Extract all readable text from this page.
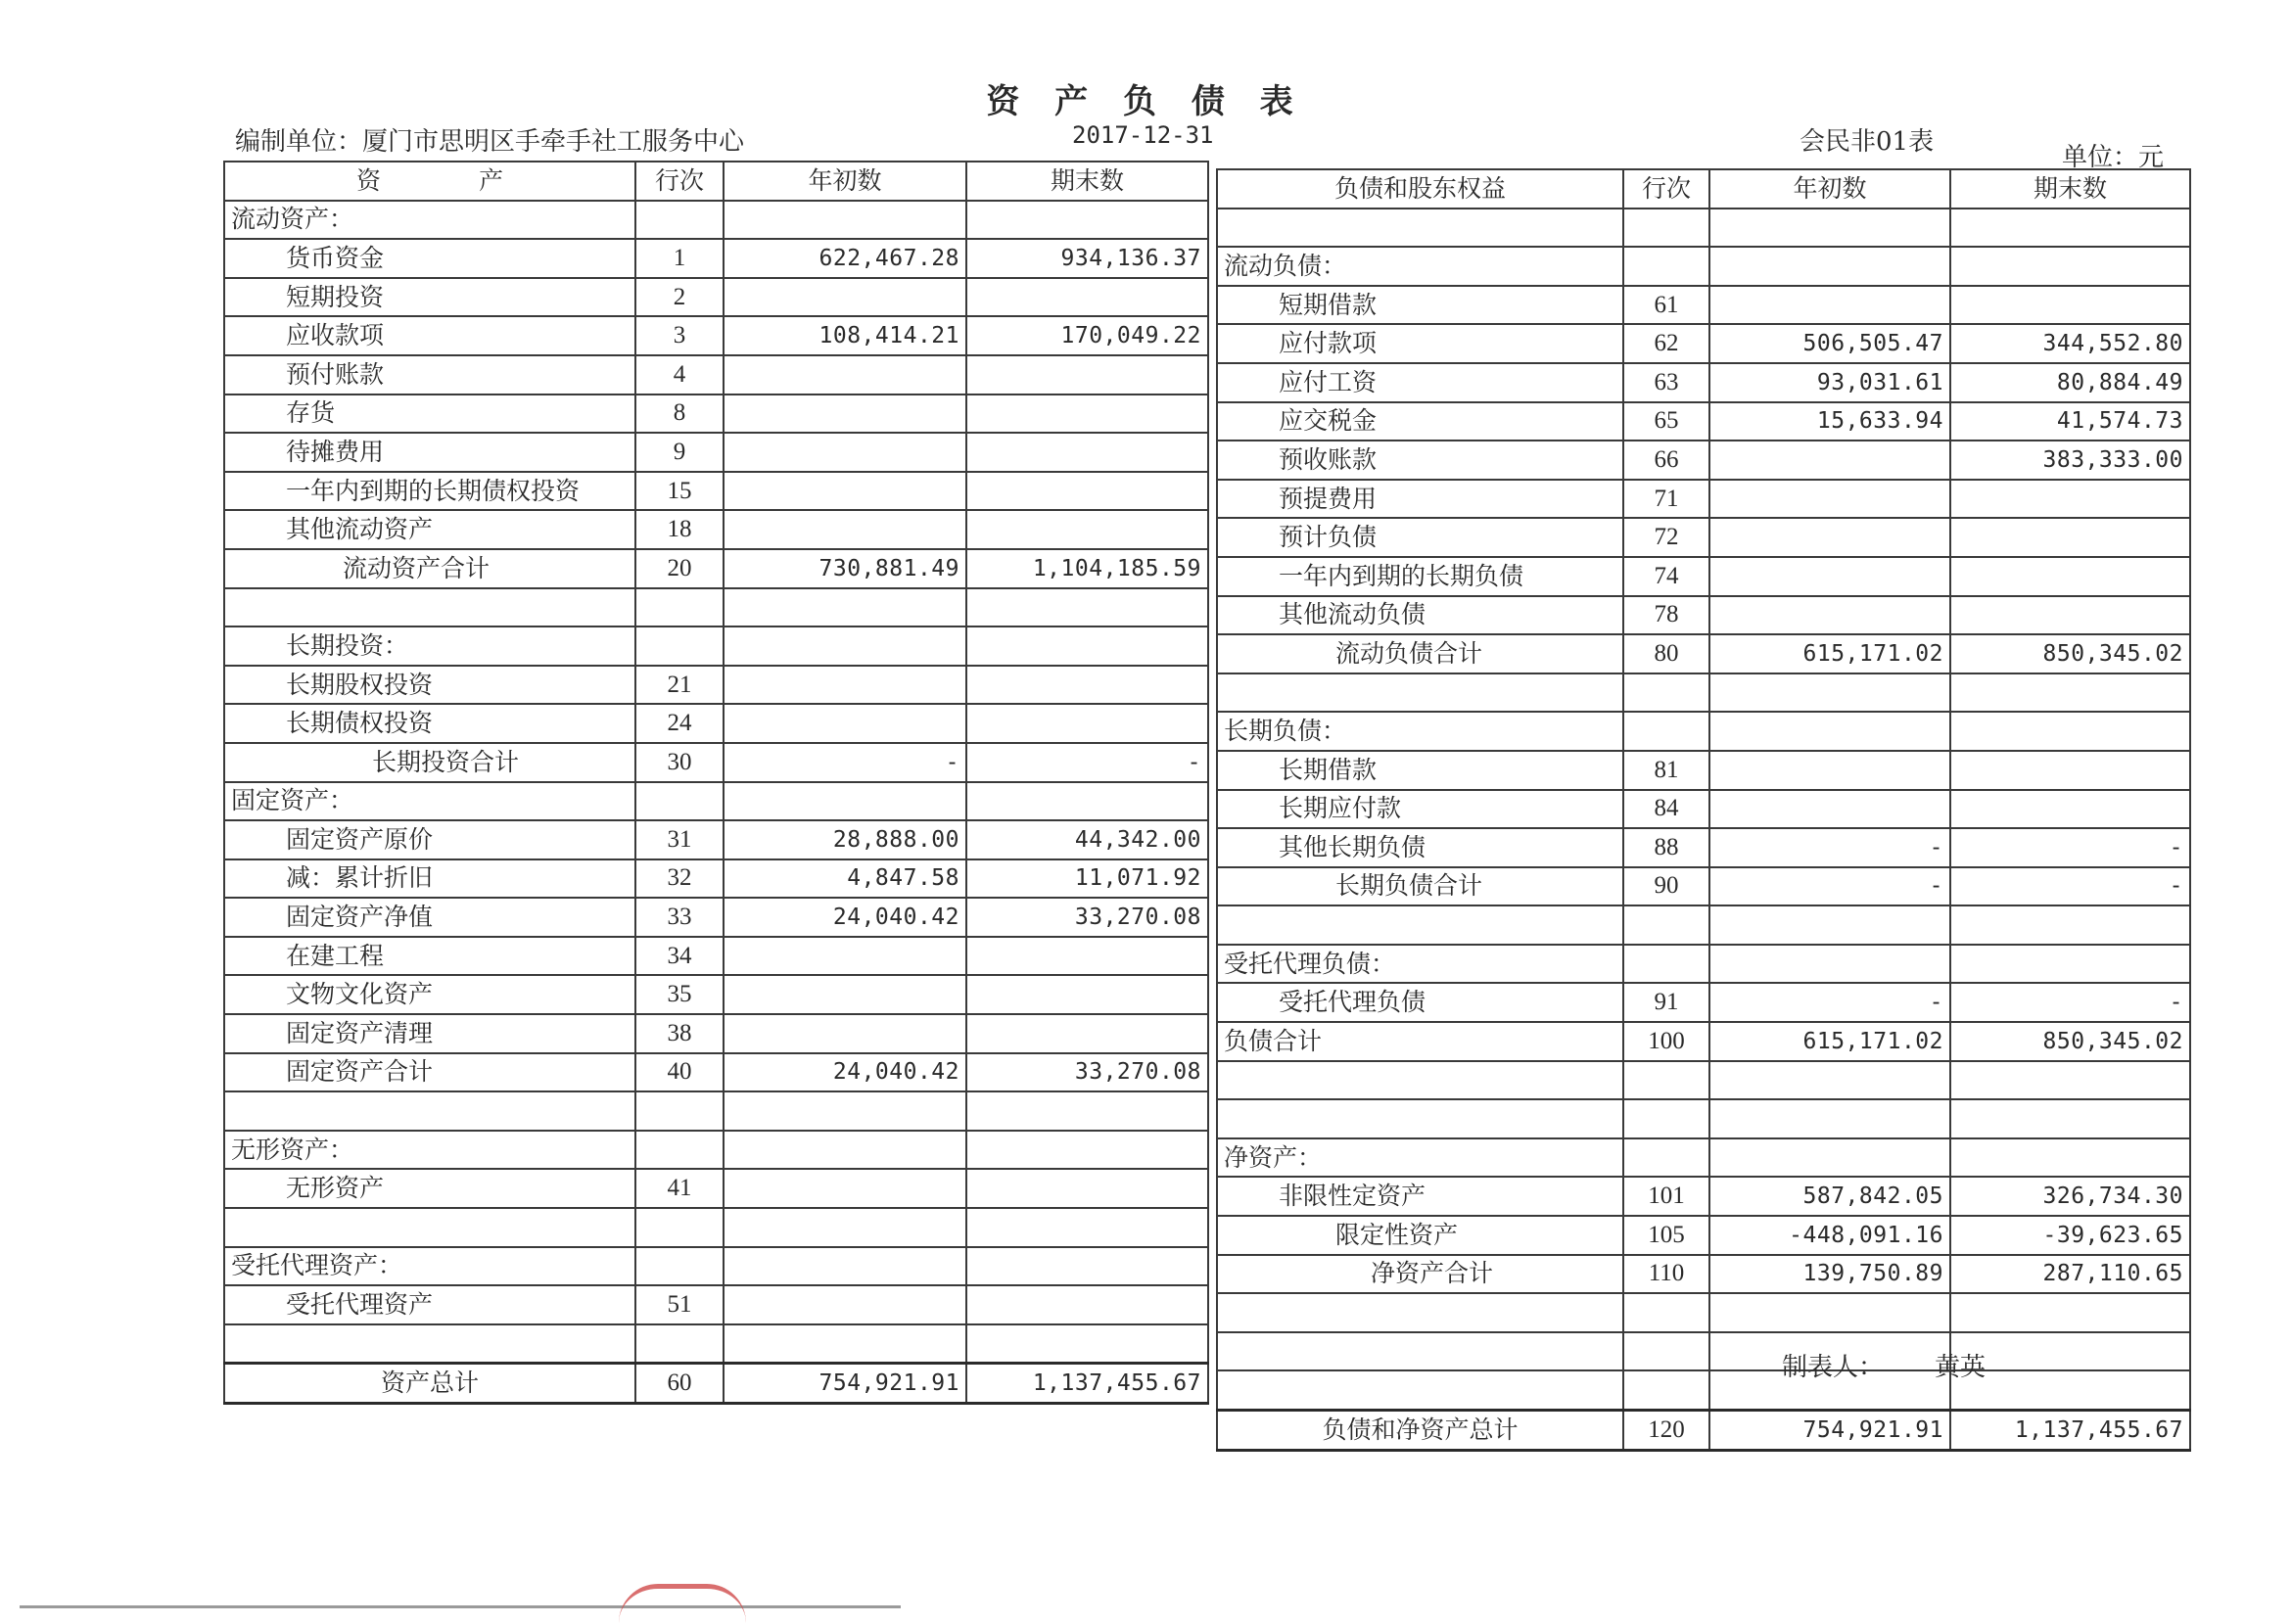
资 产 负 债 表
编制单位：厦门市思明区手牵手社工服务中心	2017-12-31	会民非01表
单位：元
资　　　　产	行次	年初数	期末数
流动资产：			
货币资金	1	622,467.28	934,136.37
短期投资	2		
应收款项	3	108,414.21	170,049.22
预付账款	4		
存货	8		
待摊费用	9		
一年内到期的长期债权投资	15		
其他流动资产	18		
流动资产合计	20	730,881.49	1,104,185.59

长期投资：			
长期股权投资	21		
长期债权投资	24		
长期投资合计	30	-	-
固定资产：			
固定资产原价	31	28,888.00	44,342.00
减：累计折旧	32	4,847.58	11,071.92
固定资产净值	33	24,040.42	33,270.08
在建工程	34		
文物文化资产	35		
固定资产清理	38		
固定资产合计	40	24,040.42	33,270.08

无形资产：			
无形资产	41		

受托代理资产：			
受托代理资产	51		

资产总计	60	754,921.91	1,137,455.67
负债和股东权益	行次	年初数	期末数

流动负债：			
短期借款	61		
应付款项	62	506,505.47	344,552.80
应付工资	63	93,031.61	80,884.49
应交税金	65	15,633.94	41,574.73
预收账款	66		383,333.00
预提费用	71		
预计负债	72		
一年内到期的长期负债	74		
其他流动负债	78		
流动负债合计	80	615,171.02	850,345.02

长期负债：			
长期借款	81		
长期应付款	84		
其他长期负债	88	-	-
长期负债合计	90	-	-

受托代理负债：			
受托代理负债	91	-	-
负债合计	100	615,171.02	850,345.02

净资产：			
非限性定资产	101	587,842.05	326,734.30
限定性资产	105	-448,091.16	-39,623.65
净资产合计	110	139,750.89	287,110.65

负债和净资产总计	120	754,921.91	1,137,455.67
制表人： 黄英
